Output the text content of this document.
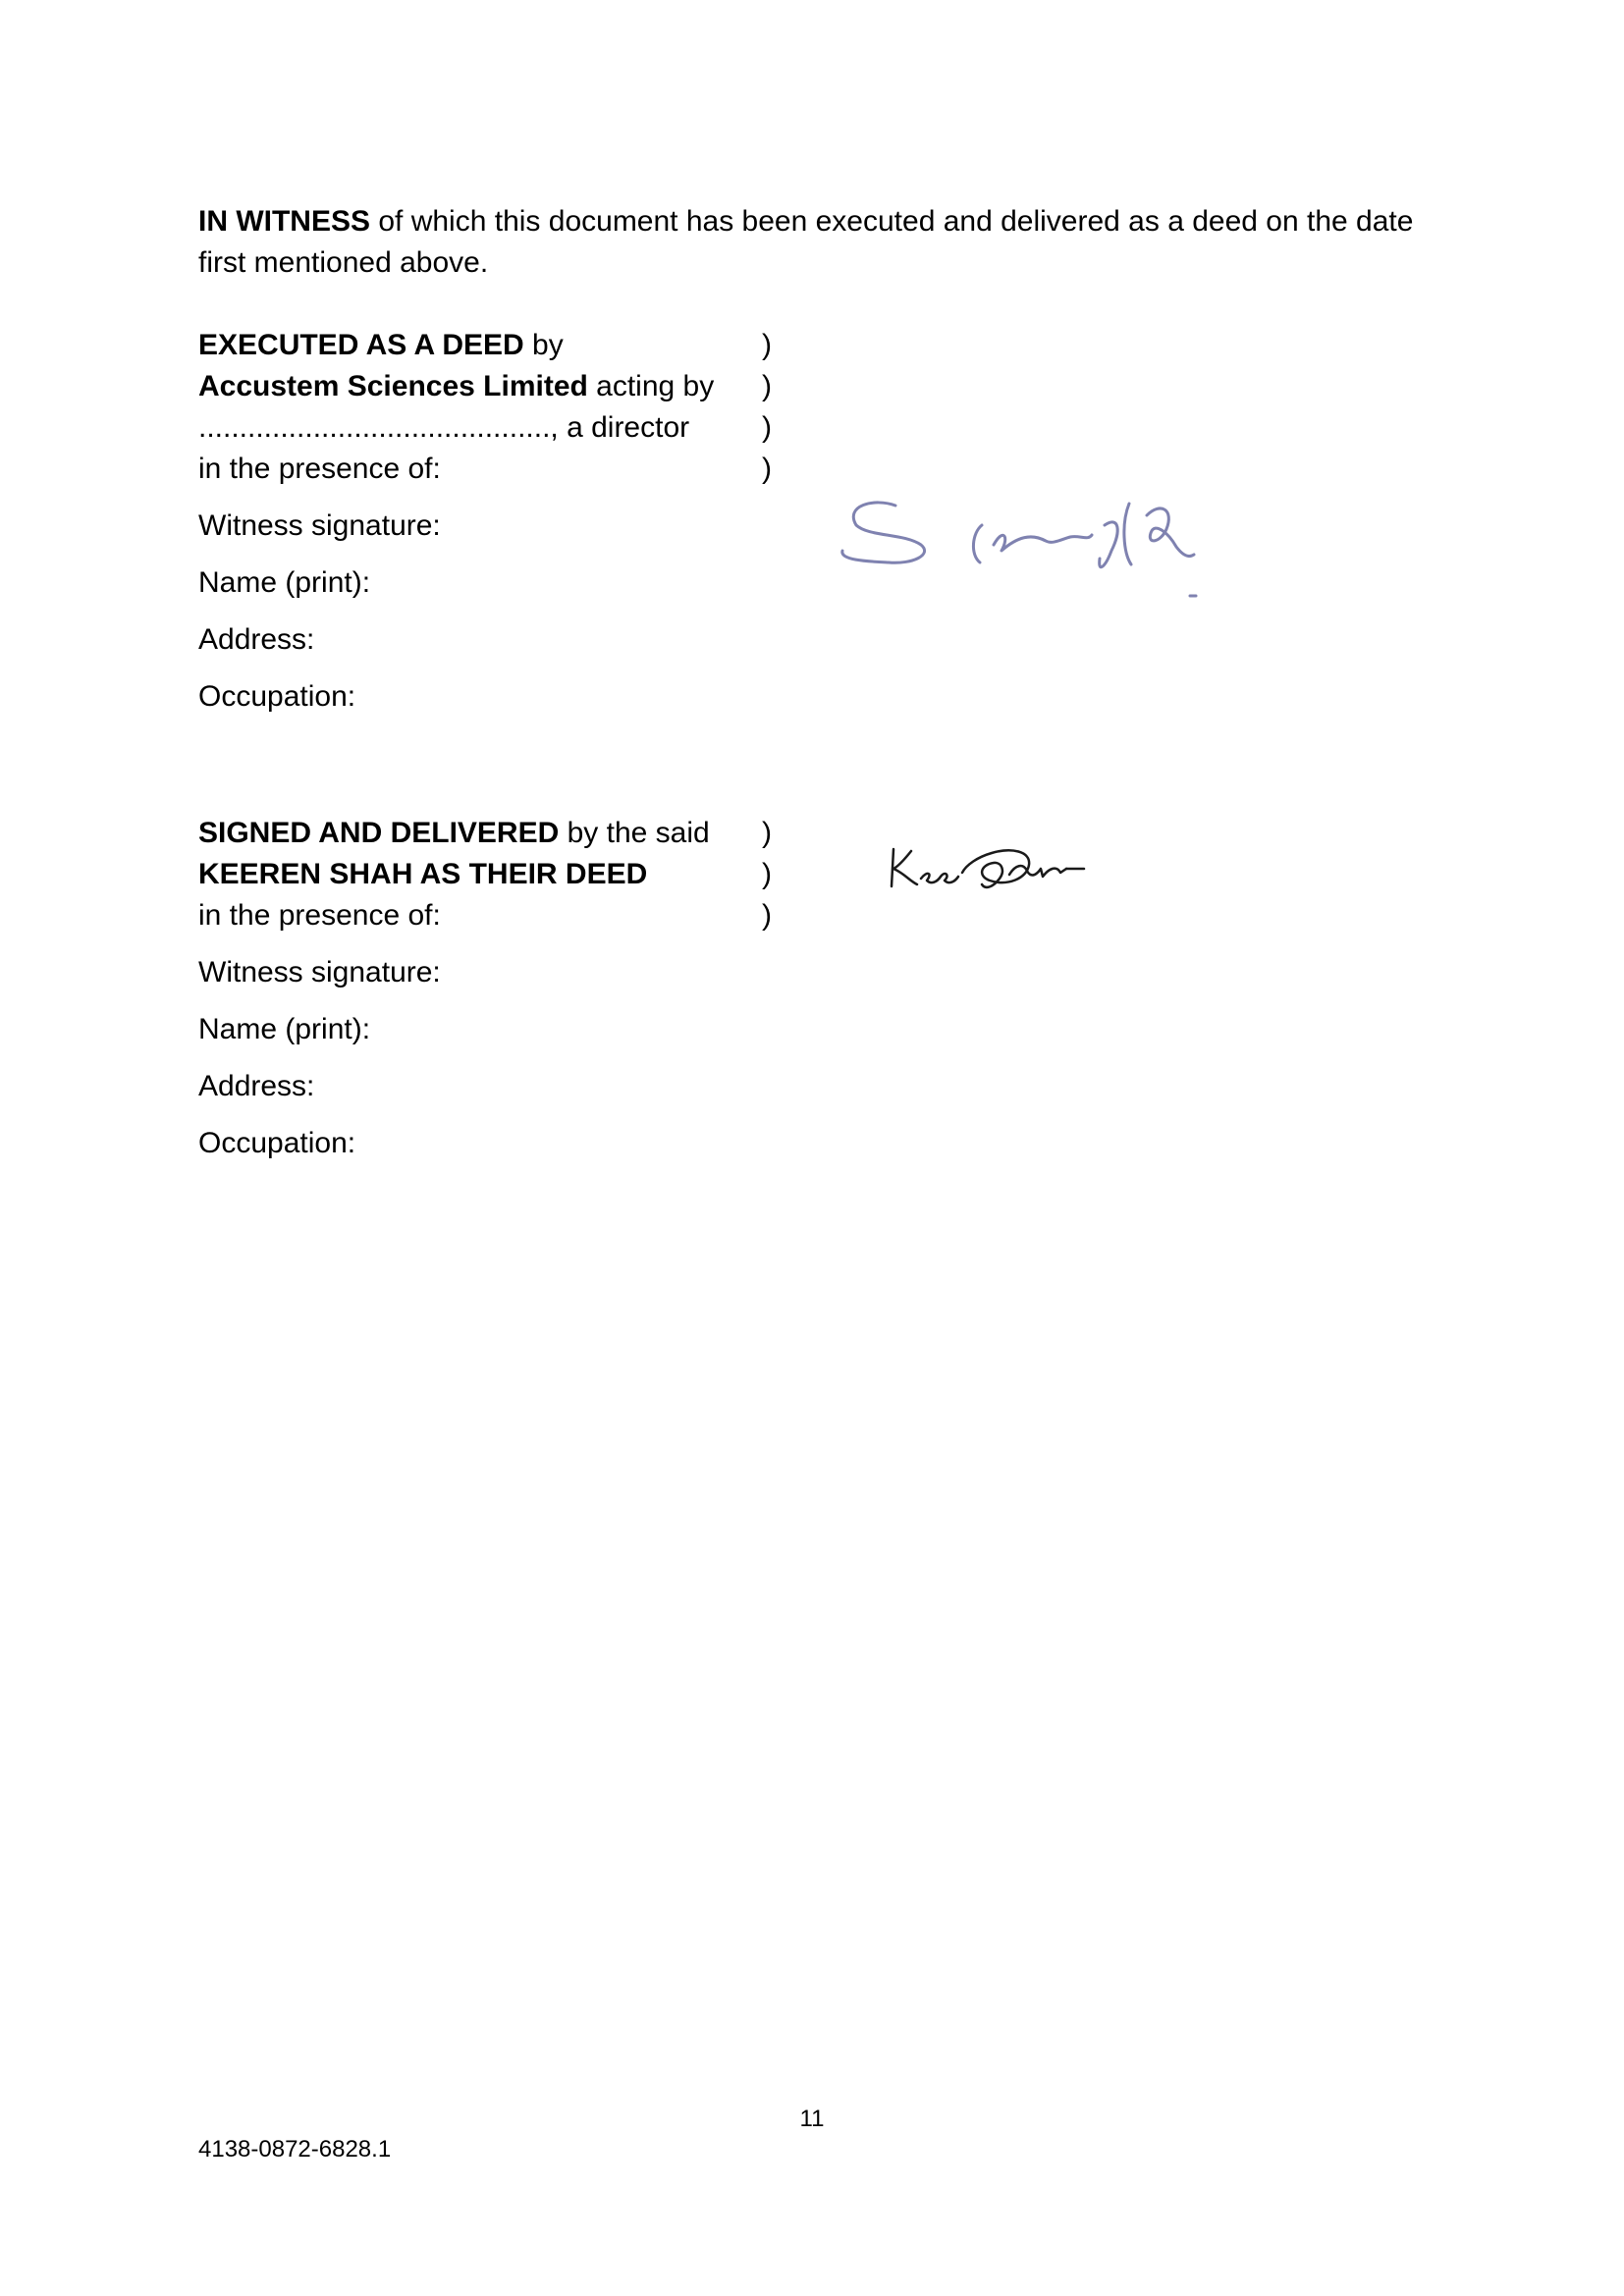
IN WITNESS of which this document has been executed and delivered as a deed on the date first mentioned above.

EXECUTED AS A DEED by	)
Accustem Sciences Limited acting by )
..........................................., a director )
in the presence of:	)
Witness signature:
Name (print):
Address:
Occupation:
SIGNED AND DELIVERED by the said )
KEEREN SHAH AS THEIR DEED	)
in the presence of:	)
Witness signature:
Name (print):
Address:
Occupation:
11
4138-0872-6828.1
